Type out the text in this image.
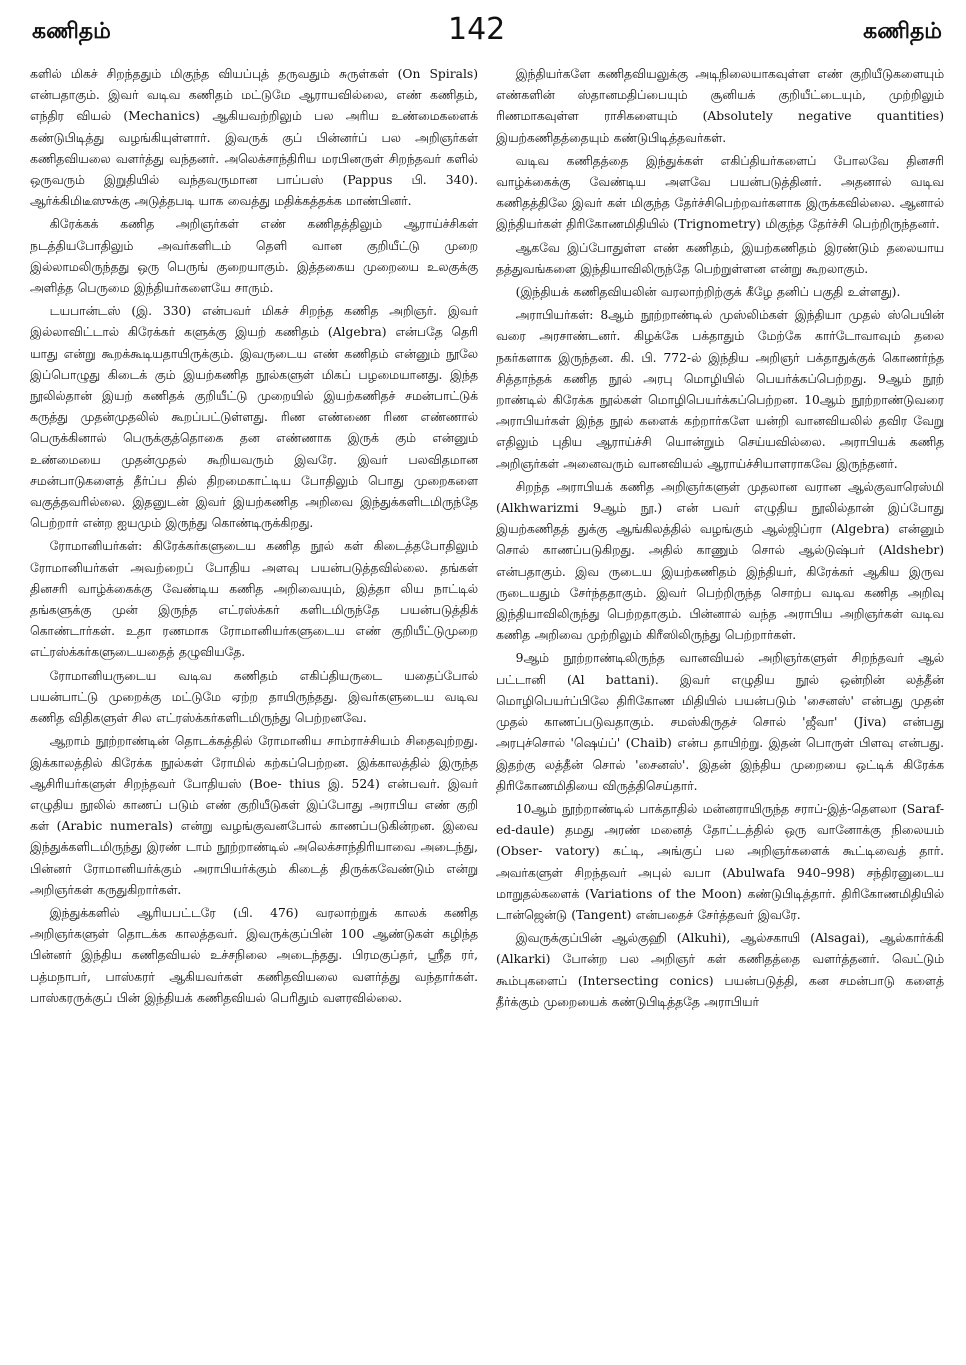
கணிதம்	142	கணிதம்

களில் மிகச் சிறந்ததும் மிகுந்த வியப்புத் தருவதும் சுருள்கள் (On Spirals) என்பதாகும். இவர் வடிவ கணிதம் மட்டுமே ஆராயவில்லை, எண் கணிதம், எந்திர வியல் (Mechanics) ஆகியவற்றிலும் பல அரிய உண்மைகளைக் கண்டுபிடித்து வழங்கியுள்ளார். இவருக் குப் பின்னர்ப் பல அறிஞர்கள் கணிதவியலை வளர்த்து வந்தனர். அலெக்சாந்திரிய மரபினருள் சிறந்தவர் களில் ஒருவரும் இறுதியில் வந்தவருமான பாப்பஸ் (Pappus பி. 340). ஆர்க்கிமிடீஸுக்கு அடுத்தபடி யாக வைத்து மதிக்கத்தக்க மாண்பினர்.

கிரேக்கக் கணித அறிஞர்கள் எண் கணிதத்திலும் ஆராய்ச்சிகள் நடத்தியபோதிலும் அவர்களிடம் தெளி வான குறியீட்டு முறை இல்லாமலிருந்தது ஒரு பெருங் குறையாகும். இத்தகைய முறையை உலகுக்கு அளித்த பெருமை இந்தியர்களையே சாரும்.

டயபான்டஸ் (இ. 330) என்பவர் மிகச் சிறந்த கணித அறிஞர். இவர் இல்லாவிட்டால் கிரேக்கர் களுக்கு இயற் கணிதம் (Algebra) என்பதே தெரி யாது என்று கூறக்கூடியதாயிருக்கும். இவருடைய எண் கணிதம் என்னும் நூலே இப்பொழுது கிடைக் கும் இயற்கணித நூல்களுள் மிகப் பழமையானது. இந்த நூலில்தான் இயற் கணிதக் குறியீட்டு முறையில் இயற்கணிதச் சமன்பாட்டுக் கருத்து முதன்முதலில் கூறப்பட்டுள்ளது. ரிண எண்ணை ரிண எண்ணால் பெருக்கினால் பெருக்குத்தொகை தன எண்ணாக இருக் கும் என்னும் உண்மையை முதன்முதல் கூறியவரும் இவரே. இவர் பலவிதமான சமன்பாடுகளைத் தீர்ப்ப தில் திறமைகாட்டிய போதிலும் பொது முறைகளை வகுத்தவரில்லை. இதனுடன் இவர் இயற்கணித அறிவை இந்துக்களிடமிருந்தே பெற்றார் என்ற ஐயமும் இருந்து கொண்டிருக்கிறது.

ரோமானியர்கள்: கிரேக்கர்களுடைய கணித நூல் கள் கிடைத்தபோதிலும் ரோமானியர்கள் அவற்றைப் போதிய அளவு பயன்படுத்தவில்லை. தங்கள் தினசரி வாழ்க்கைக்கு வேண்டிய கணித அறிவையும், இத்தா லிய நாட்டில் தங்களுக்கு முன் இருந்த எட்ரஸ்க்கர் களிடமிருந்தே பயன்படுத்திக் கொண்டார்கள். உதா ரணமாக ரோமானியர்களுடைய எண் குறியீட்டுமுறை எட்ரஸ்க்கர்களுடையதைத் தழுவியதே.

ரோமானியருடைய வடிவ கணிதம் எகிப்தியருடை யதைப்போல் பயன்பாட்டு முறைக்கு மட்டுமே ஏற்ற தாயிருந்தது. இவர்களுடைய வடிவ கணித விதிகளுள் சில எட்ரஸ்க்கர்களிடமிருந்து பெற்றனவே.

ஆறாம் நூற்றாண்டின் தொடக்கத்தில் ரோமானிய சாம்ராச்சியம் சிதைவுற்றது. இக்காலத்தில் கிரேக்க நூல்கள் ரோமில் கற்கப்பெற்றன. இக்காலத்தில் இருந்த ஆசிரியர்களுள் சிறந்தவர் போதியஸ் (Boe- thius இ. 524) என்பவர். இவர் எழுதிய நூலில் காணப் படும் எண் குறியீடுகள் இப்போது அராபிய எண் குறி கள் (Arabic numerals) என்று வழங்குவனபோல் காணப்படுகின்றன. இவை இந்துக்களிடமிருந்து இரண் டாம் நூற்றாண்டில் அலெக்சாந்திரியாவை அடைந்து, பின்னர் ரோமானியர்க்கும் அராபியர்க்கும் கிடைத் திருக்கவேண்டும் என்று அறிஞர்கள் கருதுகிறார்கள்.

இந்துக்களில் ஆரியபட்டரே (பி. 476) வரலாற்றுக் காலக் கணித அறிஞர்களுள் தொடக்க காலத்தவர். இவருக்குப்பின் 100 ஆண்டுகள் கழிந்த பின்னர் இந்திய கணிதவியல் உச்சநிலை அடைந்தது. பிரமகுப்தர், ஸ்ரீத ரர், பத்மநாபர், பாஸ்கரர் ஆகியவர்கள் கணிதவியலை வளர்த்து வந்தார்கள். பாஸ்கரருக்குப் பின் இந்தியக் கணிதவியல் பெரிதும் வளரவில்லை.

இந்தியர்களே கணிதவியலுக்கு அடிநிலையாகவுள்ள எண் குறியீடுகளையும் எண்களின் ஸ்தானமதிப்பையும் சூனியக் குறியீட்டையும், முற்றிலும் ரிணமாகவுள்ள ராசிகளையும் (Absolutely negative quantities) இயற்கணிதத்தையும் கண்டுபிடித்தவர்கள்.

வடிவ கணிதத்தை இந்துக்கள் எகிப்தியர்களைப் போலவே தினசரி வாழ்க்கைக்கு வேண்டிய அளவே பயன்படுத்தினர். அதனால் வடிவ கணிதத்திலே இவர் கள் மிகுந்த தேர்ச்சிபெற்றவர்களாக இருக்கவில்லை. ஆனால் இந்தியர்கள் திரிகோணமிதியில் (Trignometry) மிகுந்த தேர்ச்சி பெற்றிருந்தனர்.

ஆகவே இப்போதுள்ள எண் கணிதம், இயற்கணிதம் இரண்டும் தலையாய தத்துவங்களை இந்தியாவிலிருந்தே பெற்றுள்ளன என்று கூறலாகும்.

(இந்தியக் கணிதவியலின் வரலாற்றிற்குக் கீழே தனிப் பகுதி உள்ளது).

அராபியர்கள்: 8ஆம் நூற்றாண்டில் முஸ்லிம்கள் இந்தியா முதல் ஸ்பெயின் வரை அரசாண்டனர். கிழக்கே பக்தாதும் மேற்கே கார்டோவாவும் தலை நகர்களாக இருந்தன. கி. பி. 772-ல் இந்திய அறிஞர் பக்தாதுக்குக் கொணர்ந்த சித்தாந்தக் கணித நூல் அரபு மொழியில் பெயர்க்கப்பெற்றது. 9ஆம் நூற் றாண்டில் கிரேக்க நூல்கள் மொழிபெயர்க்கப்பெற்றன. 10ஆம் நூற்றாண்டுவரை அராபியர்கள் இந்த நூல் களைக் கற்றார்களே யன்றி வானவியலில் தவிர வேறு எதிலும் புதிய ஆராய்ச்சி யொன்றும் செய்யவில்லை. அராபியக் கணித அறிஞர்கள் அனைவரும் வானவியல் ஆராய்ச்சியாளராகவே இருந்தனர்.

சிறந்த அராபியக் கணித அறிஞர்களுள் முதலான வரான ஆல்குவாரெஸ்மி (Alkhwarizmi 9ஆம் நூ.) என் பவர் எழுதிய நூலில்தான் இப்போது இயற்கணிதத் துக்கு ஆங்கிலத்தில் வழங்கும் ஆல்ஜிப்ரா (Algebra) என்னும் சொல் காணப்படுகிறது. அதில் காணும் சொல் ஆல்டுஷ்பர் (Aldshebr) என்பதாகும். இவ ருடைய இயற்கணிதம் இந்தியர், கிரேக்கர் ஆகிய இருவ ருடையதும் சேர்ந்ததாகும். இவர் பெற்றிருந்த சொற்ப வடிவ கணித அறிவு இந்தியாவிலிருந்து பெற்றதாகும். பின்னால் வந்த அராபிய அறிஞர்கள் வடிவ கணித அறிவை முற்றிலும் கிரீஸிலிருந்து பெற்றார்கள்.

9ஆம் நூற்றாண்டிலிருந்த வானவியல் அறிஞர்களுள் சிறந்தவர் ஆல் பட்டானி (Al battani). இவர் எழுதிய நூல் ஒன்றின் லத்தீன் மொழிபெயர்ப்பிலே திரிகோண மிதியில் பயன்படும் 'சைனஸ்' என்பது முதன் முதல் காணப்படுவதாகும். சமஸ்கிருதச் சொல் 'ஜீவா' (Jiva) என்பது அரபுச்சொல் 'ஷெய்ப்' (Chaib) என்ப தாயிற்று. இதன் பொருள் பிளவு என்பது. இதற்கு லத்தீன் சொல் 'சைனஸ்'. இதன் இந்திய முறையை ஒட்டிக் கிரேக்க திரிகோணமிதியை விருத்திசெய்தார்.

10ஆம் நூற்றாண்டில் பாக்தாதில் மன்னராயிருந்த சராப்-இத்-தௌலா (Saraf-ed-daule) தமது அரண் மனைத் தோட்டத்தில் ஒரு வானோக்கு நிலையம் (Obser- vatory) கட்டி, அங்குப் பல அறிஞர்களைக் கூட்டிவைத் தார். அவர்களுள் சிறந்தவர் அபுல் வபா (Abulwafa 940–998) சந்திரனுடைய மாறுதல்களைக் (Variations of the Moon) கண்டுபிடித்தார். திரிகோணமிதியில் டான்ஜென்டு (Tangent) என்பதைச் சேர்த்தவர் இவரே.

இவருக்குப்பின் ஆல்குஹி (Alkuhi), ஆல்சகாயி (Alsagai), ஆல்கார்க்கி (Alkarki) போன்ற பல அறிஞர் கள் கணிதத்தை வளர்த்தனர். வெட்டும் கூம்புகளைப் (Intersecting conics) பயன்படுத்தி, கன சமன்பாடு களைத் தீர்க்கும் முறையைக் கண்டுபிடித்ததே அராபியர்
